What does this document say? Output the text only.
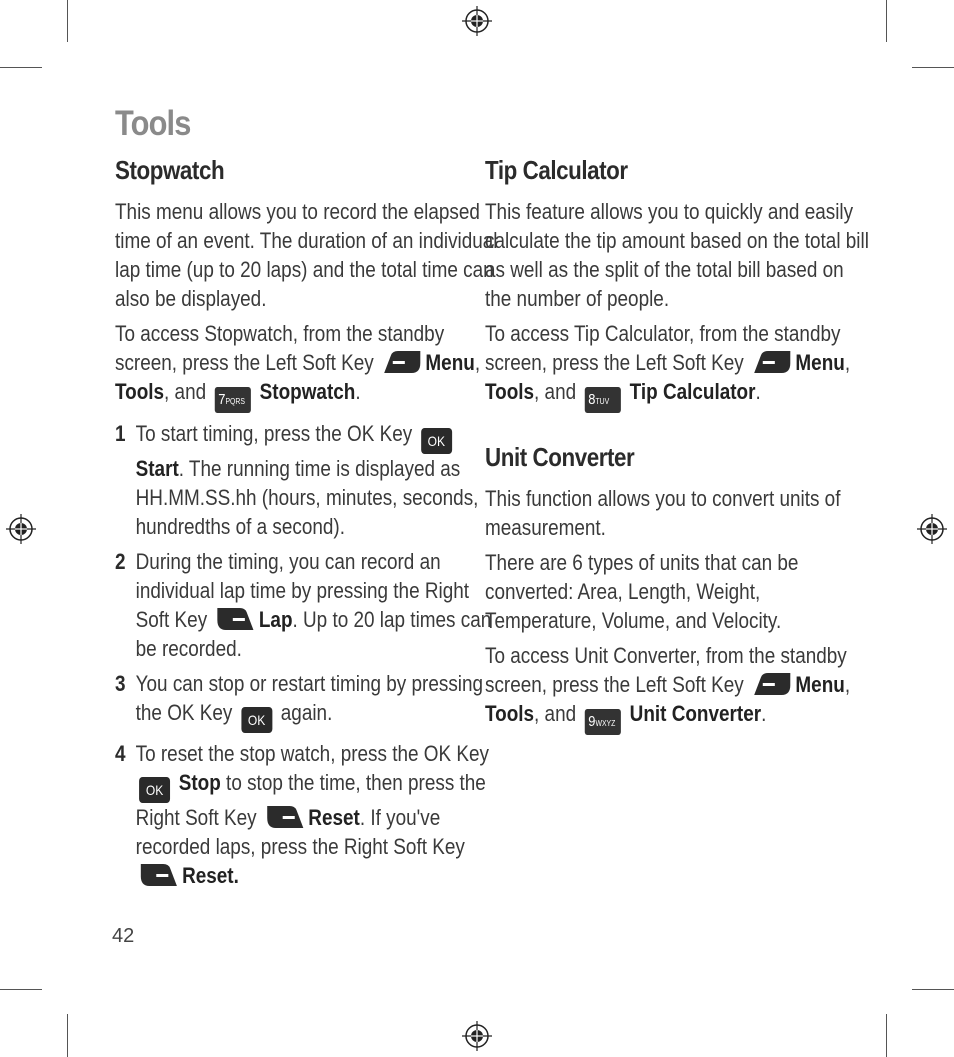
Tools
Stopwatch

This menu allows you to record the elapsed time of an event. The duration of an individual lap time (up to 20 laps) and the total time can also be displayed.

To access Stopwatch, from the standby screen, press the Left Soft Key Menu, Tools, and 7PQRS Stopwatch.

1 To start timing, press the OK Key OK
Start. The running time is displayed as HH.MM.SS.hh (hours, minutes, seconds, hundredths of a second).
2 During the timing, you can record an individual lap time by pressing the Right Soft Key Lap. Up to 20 lap times can be recorded.
3 You can stop or restart timing by pressing the OK Key OK again.
4 To reset the stop watch, press the OK Key
OK Stop to stop the time, then press the Right Soft Key Reset. If you've recorded laps, press the Right Soft Key
Reset.
Tip Calculator

This feature allows you to quickly and easily calculate the tip amount based on the total bill as well as the split of the total bill based on the number of people.

To access Tip Calculator, from the standby screen, press the Left Soft Key Menu, Tools, and 8TUV Tip Calculator.

Unit Converter

This function allows you to convert units of measurement.

There are 6 types of units that can be converted: Area, Length, Weight, Temperature, Volume, and Velocity.

To access Unit Converter, from the standby screen, press the Left Soft Key Menu, Tools, and 9WXYZ Unit Converter.

42
